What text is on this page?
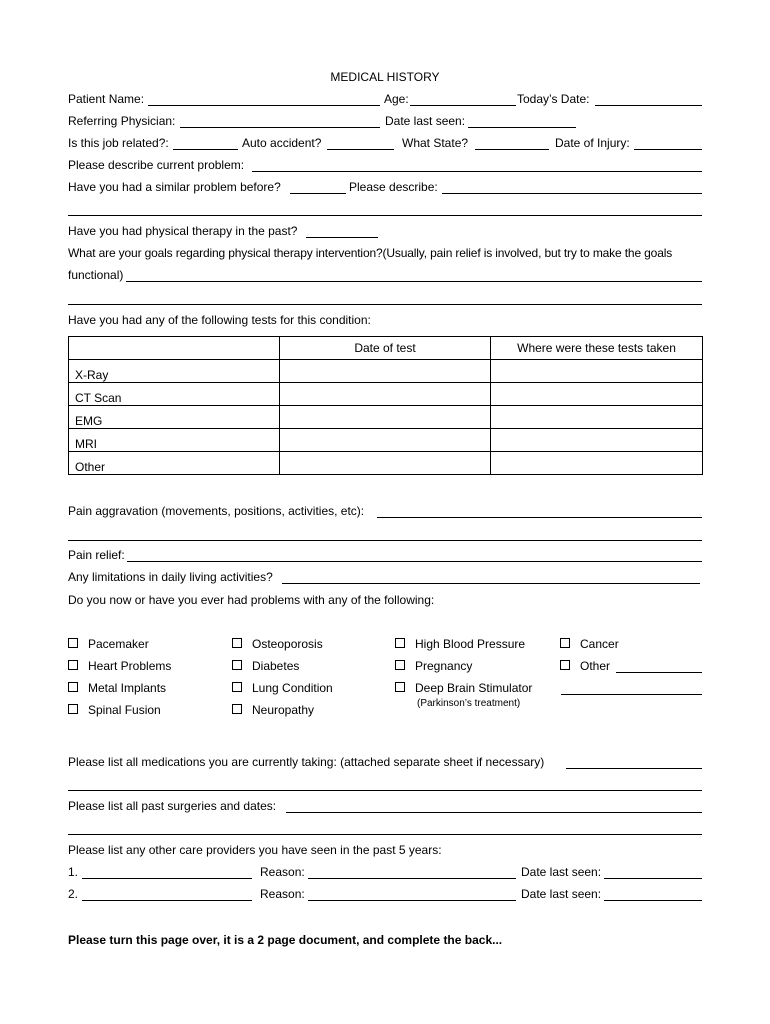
MEDICAL HISTORY
Patient Name:	Age:	Today’s Date:
Referring Physician:	Date last seen:
Is this job related?:	Auto accident?	What State?	Date of Injury:
Please describe current problem:
Have you had a similar problem before?	Please describe:
Have you had physical therapy in the past?
What are your goals regarding physical therapy intervention?(Usually, pain relief is involved, but try to make the goals
functional)
Have you had any of the following tests for this condition:
	Date of test	Where were these tests taken
X-Ray		
CT Scan		
EMG		
MRI		
Other		
Pain aggravation (movements, positions, activities, etc):
Pain relief:
Any limitations in daily living activities?
Do you now or have you ever had problems with any of the following:
Pacemaker
Heart Problems
Metal Implants
Spinal Fusion
Osteoporosis
Diabetes
Lung Condition
Neuropathy
High Blood Pressure
Pregnancy
Deep Brain Stimulator
(Parkinson’s treatment)
Cancer
Other
Please list all medications you are currently taking: (attached separate sheet if necessary)
Please list all past surgeries and dates:
Please list any other care providers you have seen in the past 5 years:
1.	Reason:	Date last seen:
2.	Reason:	Date last seen:
Please turn this page over, it is a 2 page document, and complete the back...
